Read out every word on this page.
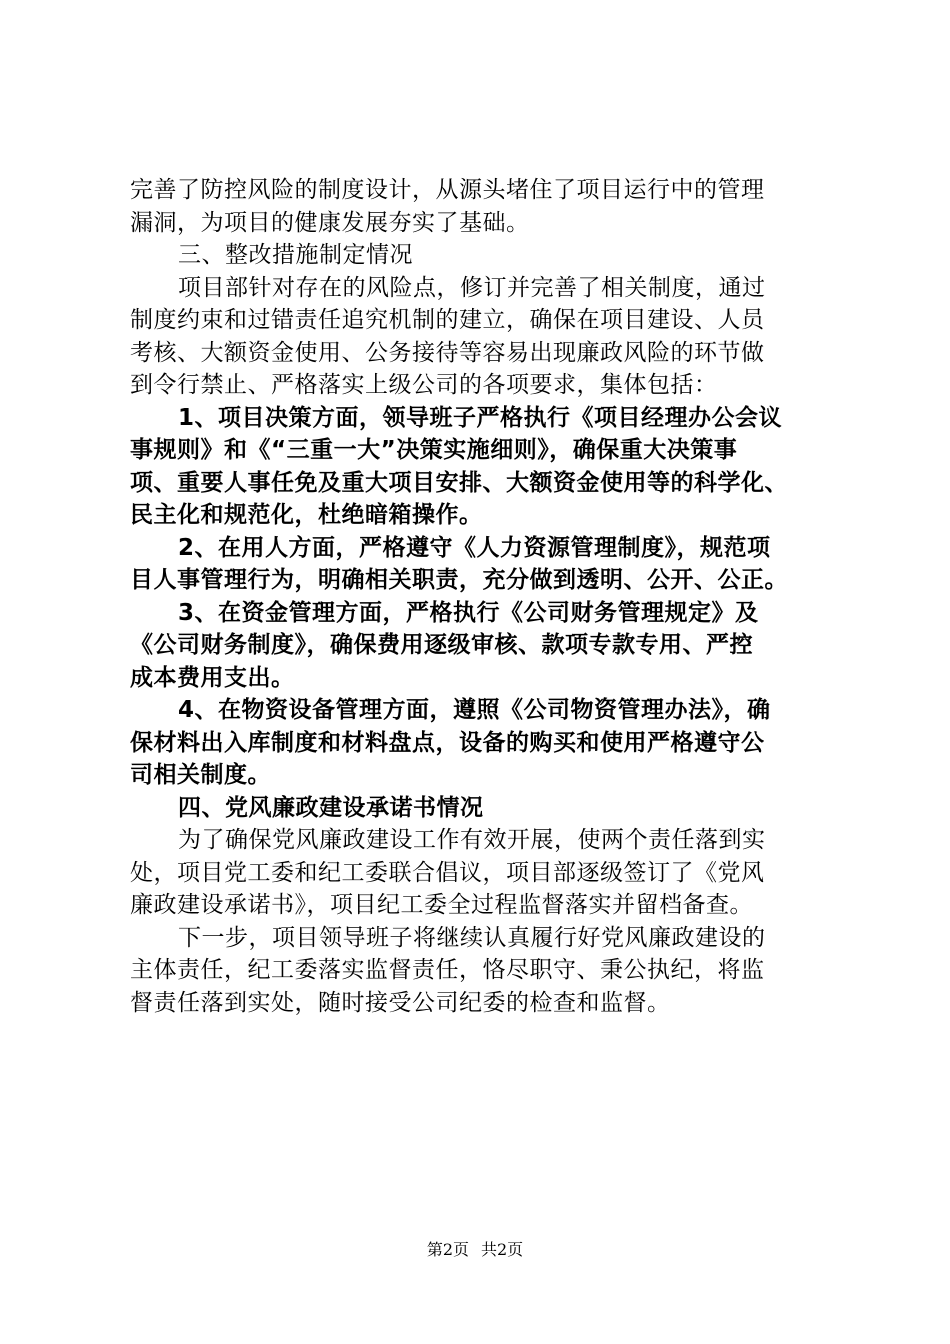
完善了防控风险的制度设计，从源头堵住了项目运行中的管理
漏洞，为项目的健康发展夯实了基础。
三、整改措施制定情况
项目部针对存在的风险点，修订并完善了相关制度，通过
制度约束和过错责任追究机制的建立，确保在项目建设、人员
考核、大额资金使用、公务接待等容易出现廉政风险的环节做
到令行禁止、严格落实上级公司的各项要求，集体包括：
1、项目决策方面，领导班子严格执行《项目经理办公会议
事规则》和《“三重一大”决策实施细则》，确保重大决策事
项、重要人事任免及重大项目安排、大额资金使用等的科学化、
民主化和规范化，杜绝暗箱操作。
2、在用人方面，严格遵守《人力资源管理制度》，规范项
目人事管理行为，明确相关职责，充分做到透明、公开、公正。
3、在资金管理方面，严格执行《公司财务管理规定》及
《公司财务制度》，确保费用逐级审核、款项专款专用、严控
成本费用支出。
4、在物资设备管理方面，遵照《公司物资管理办法》，确
保材料出入库制度和材料盘点，设备的购买和使用严格遵守公
司相关制度。
四、党风廉政建设承诺书情况
为了确保党风廉政建设工作有效开展，使两个责任落到实
处，项目党工委和纪工委联合倡议，项目部逐级签订了《党风
廉政建设承诺书》，项目纪工委全过程监督落实并留档备查。
下一步，项目领导班子将继续认真履行好党风廉政建设的
主体责任，纪工委落实监督责任，恪尽职守、秉公执纪，将监
督责任落到实处，随时接受公司纪委的检查和监督。
第2页 共2页
